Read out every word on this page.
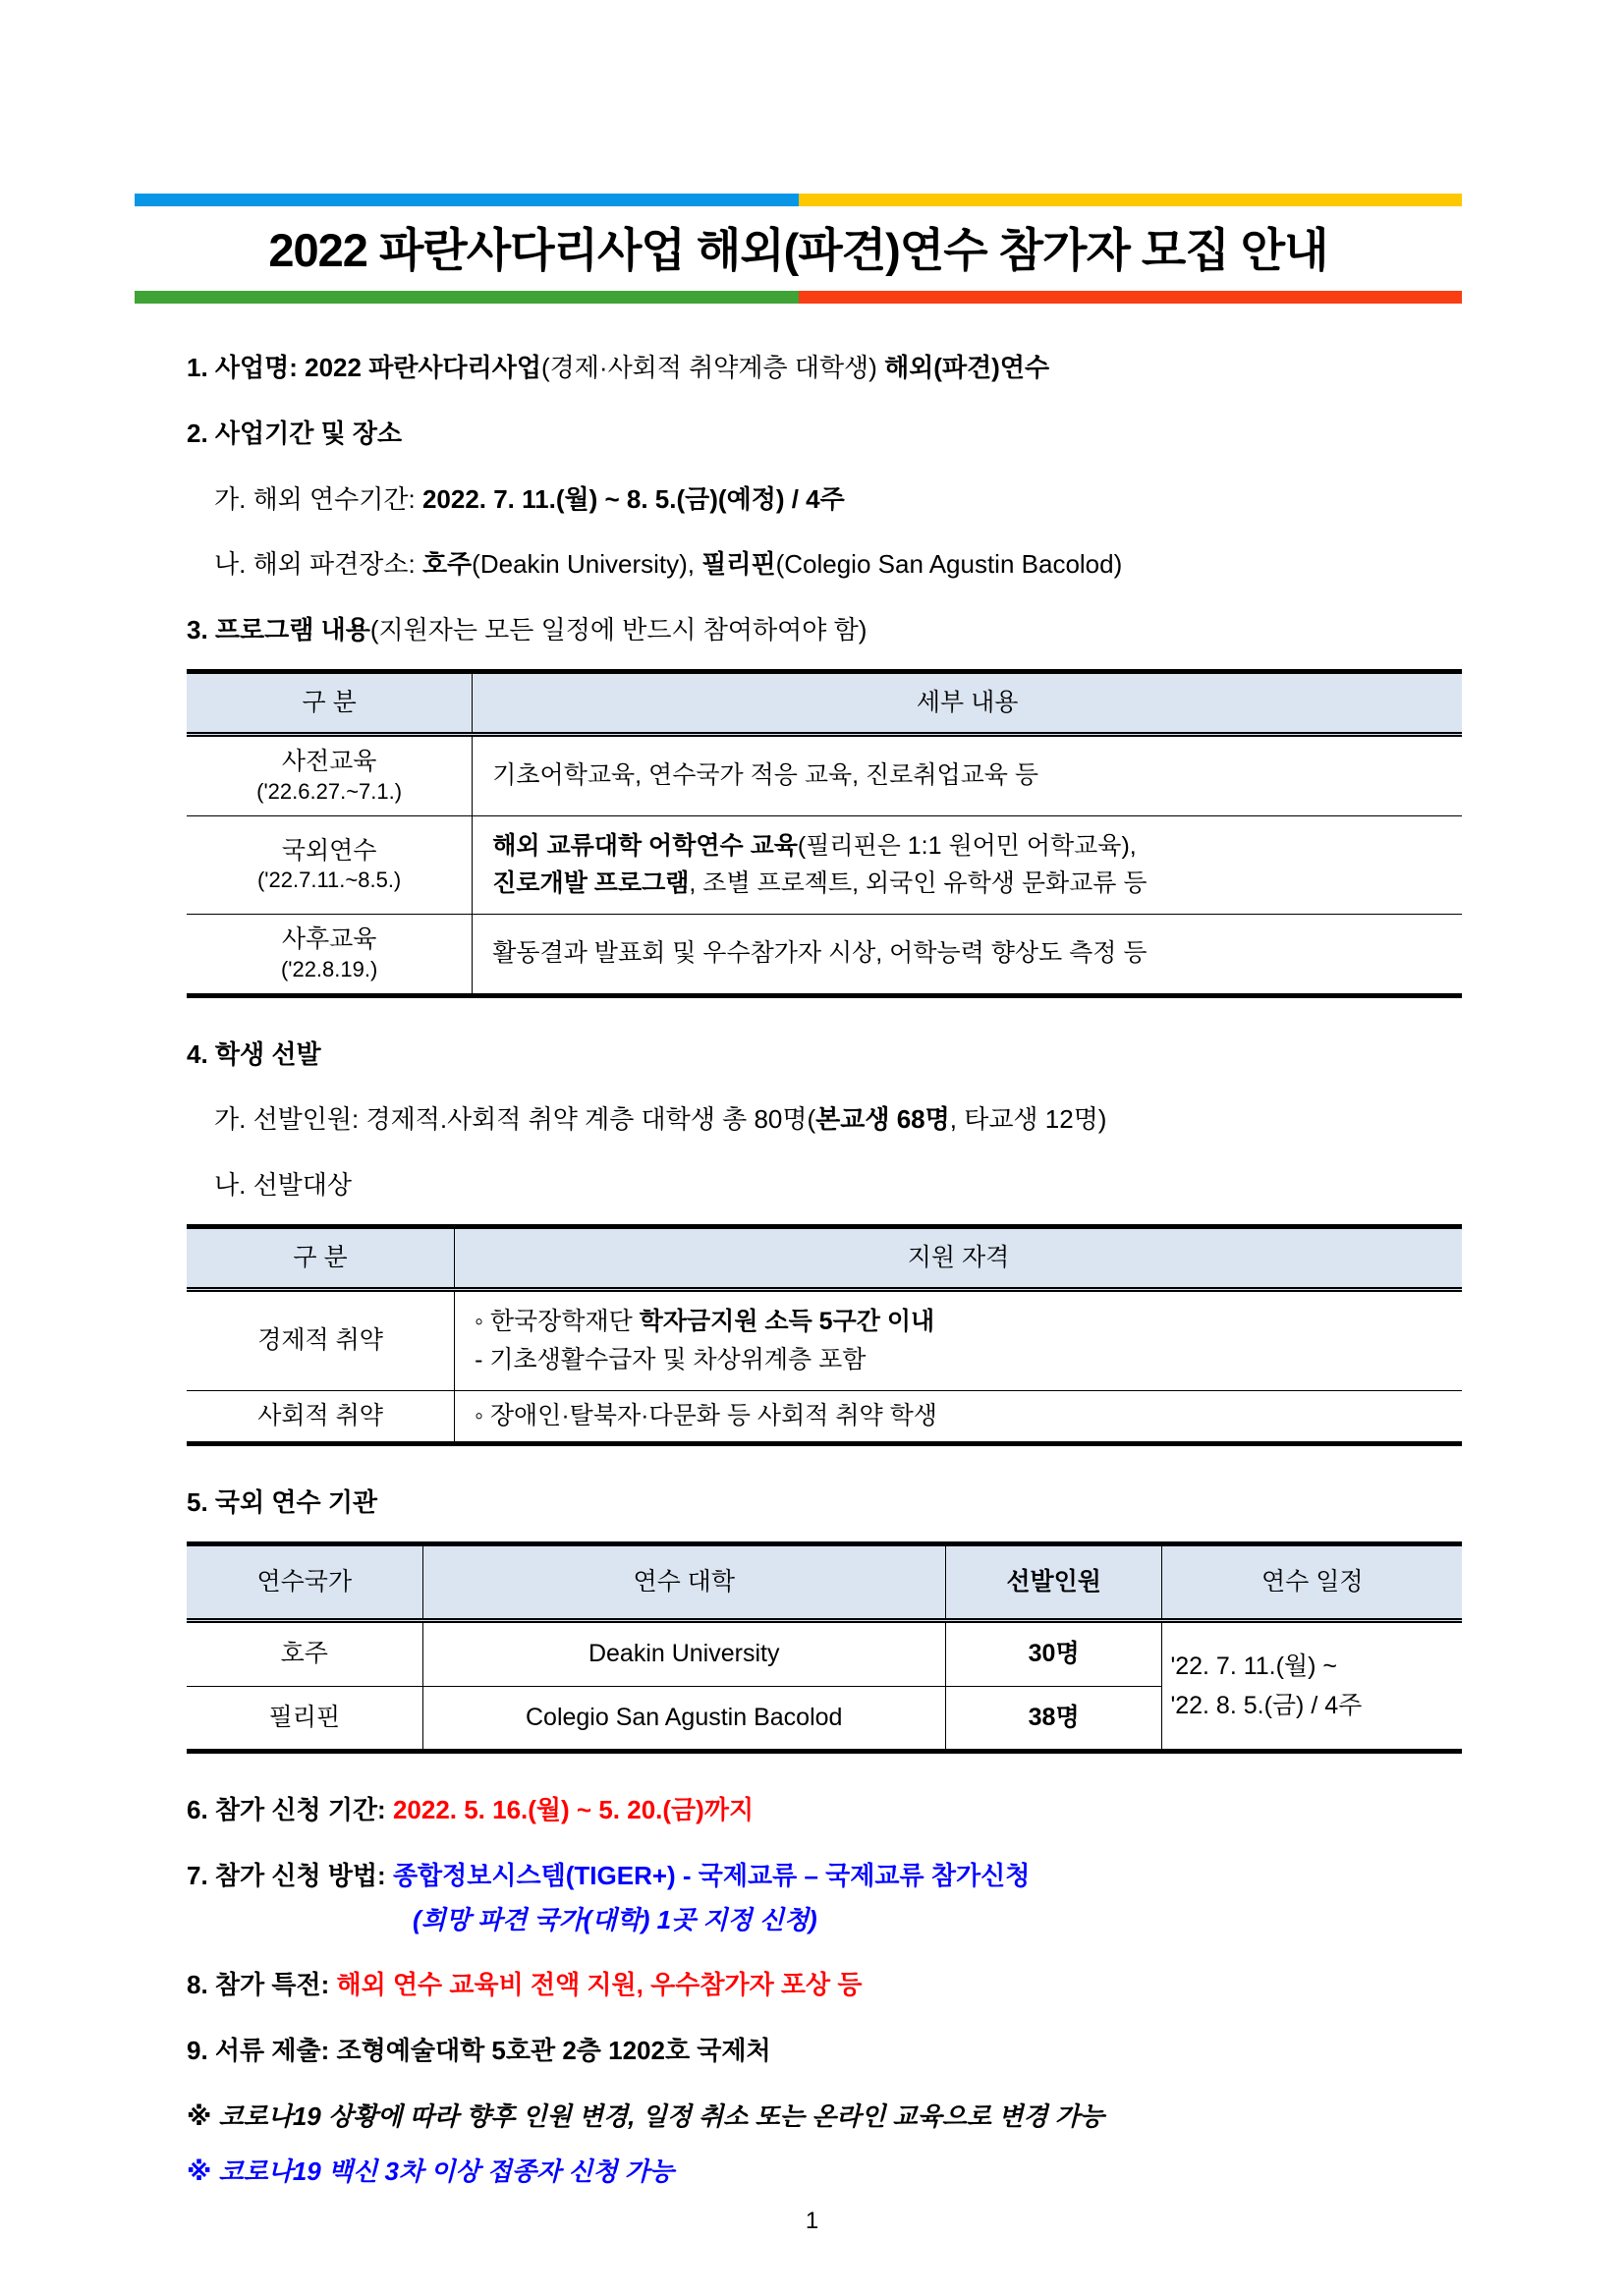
2022 파란사다리사업 해외(파견)연수 참가자 모집 안내

1. 사업명: 2022 파란사다리사업(경제·사회적 취약계층 대학생) 해외(파견)연수

2. 사업기간 및 장소

가. 해외 연수기간: 2022. 7. 11.(월) ~ 8. 5.(금)(예정) / 4주

나. 해외 파견장소: 호주(Deakin University), 필리핀(Colegio San Agustin Bacolod)

3. 프로그램 내용(지원자는 모든 일정에 반드시 참여하여야 함)

구 분	세부 내용
사전교육
('22.6.27.~7.1.)	기초어학교육, 연수국가 적응 교육, 진로취업교육 등
국외연수
('22.7.11.~8.5.)	해외 교류대학 어학연수 교육(필리핀은 1:1 원어민 어학교육),
진로개발 프로그램, 조별 프로젝트, 외국인 유학생 문화교류 등
사후교육
('22.8.19.)	활동결과 발표회 및 우수참가자 시상, 어학능력 향상도 측정 등

4. 학생 선발

가. 선발인원: 경제적.사회적 취약 계층 대학생 총 80명(본교생 68명, 타교생 12명)

나. 선발대상

구 분	지원 자격
경제적 취약	◦ 한국장학재단 학자금지원 소득 5구간 이내
- 기초생활수급자 및 차상위계층 포함
사회적 취약	◦ 장애인·탈북자·다문화 등 사회적 취약 학생

5. 국외 연수 기관

연수국가	연수 대학	선발인원	연수 일정
호주	Deakin University	30명	'22. 7. 11.(월) ~
'22. 8. 5.(금) / 4주
필리핀	Colegio San Agustin Bacolod	38명	

6. 참가 신청 기간: 2022. 5. 16.(월) ~ 5. 20.(금)까지

7. 참가 신청 방법: 종합정보시스템(TIGER+) - 국제교류 – 국제교류 참가신청

(희망 파견 국가(대학) 1곳 지정 신청)

8. 참가 특전: 해외 연수 교육비 전액 지원, 우수참가자 포상 등

9. 서류 제출: 조형예술대학 5호관 2층 1202호 국제처

※ 코로나19 상황에 따라 향후 인원 변경, 일정 취소 또는 온라인 교육으로 변경 가능

※ 코로나19 백신 3차 이상 접종자 신청 가능

1
